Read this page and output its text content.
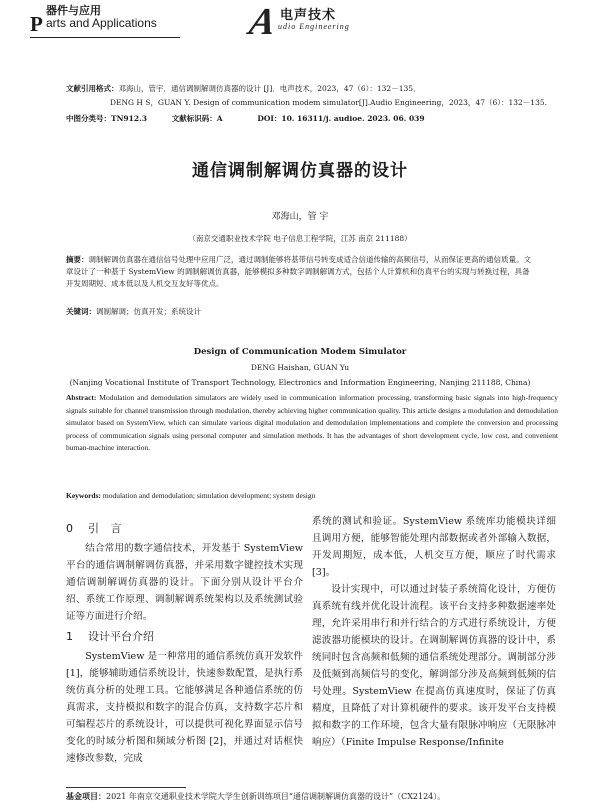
器件与应用
P arts and Applications A 电声技术
udio Engineering
文献引用格式：邓海山，管宇．通信调制解调仿真器的设计 [J]．电声技术，2023，47（6）：132－135．
DENG H S，GUAN Y. Design of communication modem simulator[J].Audio Engineering，2023，47（6）：132－135.
中图分类号：TN912.3	文献标识码：A	DOI：10. 16311/j. audioe. 2023. 06. 039
通信调制解调仿真器的设计
邓海山，管 宇
（南京交通职业技术学院 电子信息工程学院，江苏 南京 211188）
摘要：调制解调仿真器在通信信号处理中应用广泛，通过调制能够将基带信号转变成适合信道传输的高频信号，从而保证更高的通信质量。文章设计了一种基于 SystemView 的调制解调仿真器，能够模拟多种数字调制解调方式，包括个人计算机和仿真平台的实现与转换过程，具备开发周期短、成本低以及人机交互友好等优点。
关键词：调制解调；仿真开发；系统设计
Design of Communication Modem Simulator
DENG Haishan, GUAN Yu
(Nanjing Vocational Institute of Transport Technology, Electronics and Information Engineering, Nanjing 211188, China)
Abstract: Modulation and demodulation simulators are widely used in communication information processing, transforming basic signals into high-frequency signals suitable for channel transmission through modulation, thereby achieving higher communication quality. This article designs a modulation and demodulation simulator based on SystemView, which can simulate various digital modulation and demodulation implementations and complete the conversion and processing process of communication signals using personal computer and simulation methods. It has the advantages of short development cycle, low cost, and convenient human-machine interaction.
Keywords: modulation and demodulation; simulation development; system design
0 引 言

结合常用的数字通信技术，开发基于 SystemView 平台的通信调制解调仿真器，并采用数字键控技术实现通信调制解调仿真器的设计。下面分别从设计平台介绍、系统工作原理、调制解调系统架构以及系统测试验证等方面进行介绍。

1 设计平台介绍

SystemView 是一种常用的通信系统仿真开发软件 [1]，能够辅助通信系统设计，快速参数配置，是执行系统仿真分析的处理工具。它能够满足各种通信系统的仿真需求，支持模拟和数字的混合仿真，支持数字芯片和可编程芯片的系统设计，可以提供可视化界面显示信号变化的时域分析图和频域分析图 [2]，并通过对话框快速修改参数，完成

系统的测试和验证。SystemView 系统库功能模块详细且调用方便，能够智能处理内部数据或者外部输入数据，开发周期短，成本低，人机交互方便，顺应了时代需求 [3]。

设计实现中，可以通过封装子系统简化设计，方便仿真系统有线并优化设计流程。该平台支持多种数据速率处理，允许采用串行和并行结合的方式进行系统设计，方便滤波器功能模块的设计。在调制解调仿真器的设计中，系统同时包含高频和低频的通信系统处理部分。调制部分涉及低频到高频信号的变化，解调部分涉及高频到低频的信号处理。SystemView 在提高仿真速度时，保证了仿真精度，且降低了对计算机硬件的要求。该开发平台支持模拟和数字的工作环境，包含大量有限脉冲响应（无限脉冲响应）（Finite Impulse Response/Infinite

基金项目：2021 年南京交通职业技术学院大学生创新训练项目“通信调制解调仿真器的设计”（CX2124）。
